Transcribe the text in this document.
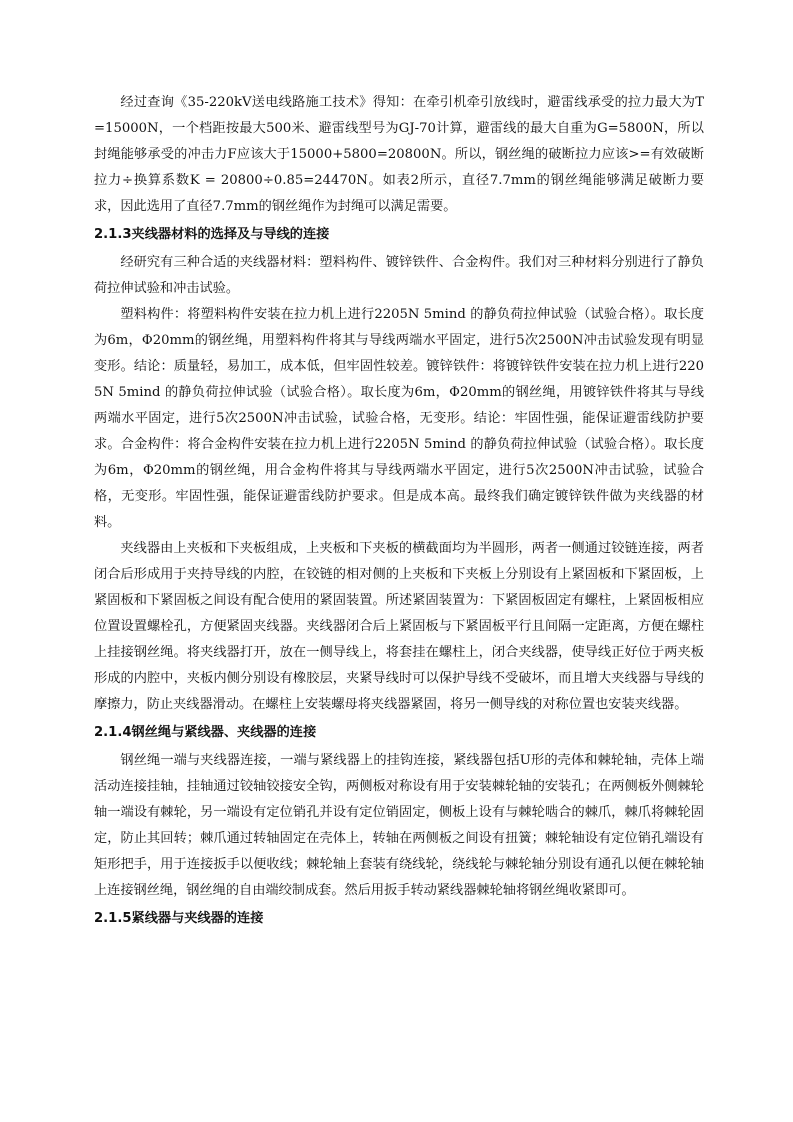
经过查询《35-220kV送电线路施工技术》得知：在牵引机牵引放线时，避雷线承受的拉力最大为T=15000N，一个档距按最大500米、避雷线型号为GJ-70计算，避雷线的最大自重为G=5800N，所以封绳能够承受的冲击力F应该大于15000+5800=20800N。所以，钢丝绳的破断拉力应该>=有效破断拉力÷换算系数K = 20800÷0.85=24470N。如表2所示，直径7.7mm的钢丝绳能够满足破断力要求，因此选用了直径7.7mm的钢丝绳作为封绳可以满足需要。

2.1.3夹线器材料的选择及与导线的连接

经研究有三种合适的夹线器材料：塑料构件、镀锌铁件、合金构件。我们对三种材料分别进行了静负荷拉伸试验和冲击试验。

塑料构件：将塑料构件安装在拉力机上进行2205N 5mind 的静负荷拉伸试验（试验合格）。取长度为6m，Φ20mm的钢丝绳，用塑料构件将其与导线两端水平固定，进行5次2500N冲击试验发现有明显变形。结论：质量轻，易加工，成本低，但牢固性较差。镀锌铁件：将镀锌铁件安装在拉力机上进行2205N 5mind 的静负荷拉伸试验（试验合格）。取长度为6m，Φ20mm的钢丝绳，用镀锌铁件将其与导线两端水平固定，进行5次2500N冲击试验，试验合格，无变形。结论：牢固性强，能保证避雷线防护要求。合金构件：将合金构件安装在拉力机上进行2205N 5mind 的静负荷拉伸试验（试验合格）。取长度为6m，Φ20mm的钢丝绳，用合金构件将其与导线两端水平固定，进行5次2500N冲击试验，试验合格，无变形。牢固性强，能保证避雷线防护要求。但是成本高。最终我们确定镀锌铁件做为夹线器的材料。

夹线器由上夹板和下夹板组成，上夹板和下夹板的横截面均为半圆形，两者一侧通过铰链连接，两者闭合后形成用于夹持导线的内腔，在铰链的相对侧的上夹板和下夹板上分别设有上紧固板和下紧固板，上紧固板和下紧固板之间设有配合使用的紧固装置。所述紧固装置为：下紧固板固定有螺柱，上紧固板相应位置设置螺栓孔，方便紧固夹线器。夹线器闭合后上紧固板与下紧固板平行且间隔一定距离，方便在螺柱上挂接钢丝绳。将夹线器打开，放在一侧导线上，将套挂在螺柱上，闭合夹线器，使导线正好位于两夹板形成的内腔中，夹板内侧分别设有橡胶层，夹紧导线时可以保护导线不受破坏，而且增大夹线器与导线的摩擦力，防止夹线器滑动。在螺柱上安装螺母将夹线器紧固，将另一侧导线的对称位置也安装夹线器。

2.1.4钢丝绳与紧线器、夹线器的连接

钢丝绳一端与夹线器连接，一端与紧线器上的挂钩连接，紧线器包括U形的壳体和棘轮轴，壳体上端活动连接挂轴，挂轴通过铰轴铰接安全钩，两侧板对称设有用于安装棘轮轴的安装孔；在两侧板外侧棘轮轴一端设有棘轮，另一端设有定位销孔并设有定位销固定，侧板上设有与棘轮啮合的棘爪，棘爪将棘轮固定，防止其回转；棘爪通过转轴固定在壳体上，转轴在两侧板之间设有扭簧；棘轮轴设有定位销孔端设有矩形把手，用于连接扳手以便收线；棘轮轴上套装有绕线轮，绕线轮与棘轮轴分别设有通孔以便在棘轮轴上连接钢丝绳，钢丝绳的自由端绞制成套。然后用扳手转动紧线器棘轮轴将钢丝绳收紧即可。

2.1.5紧线器与夹线器的连接
